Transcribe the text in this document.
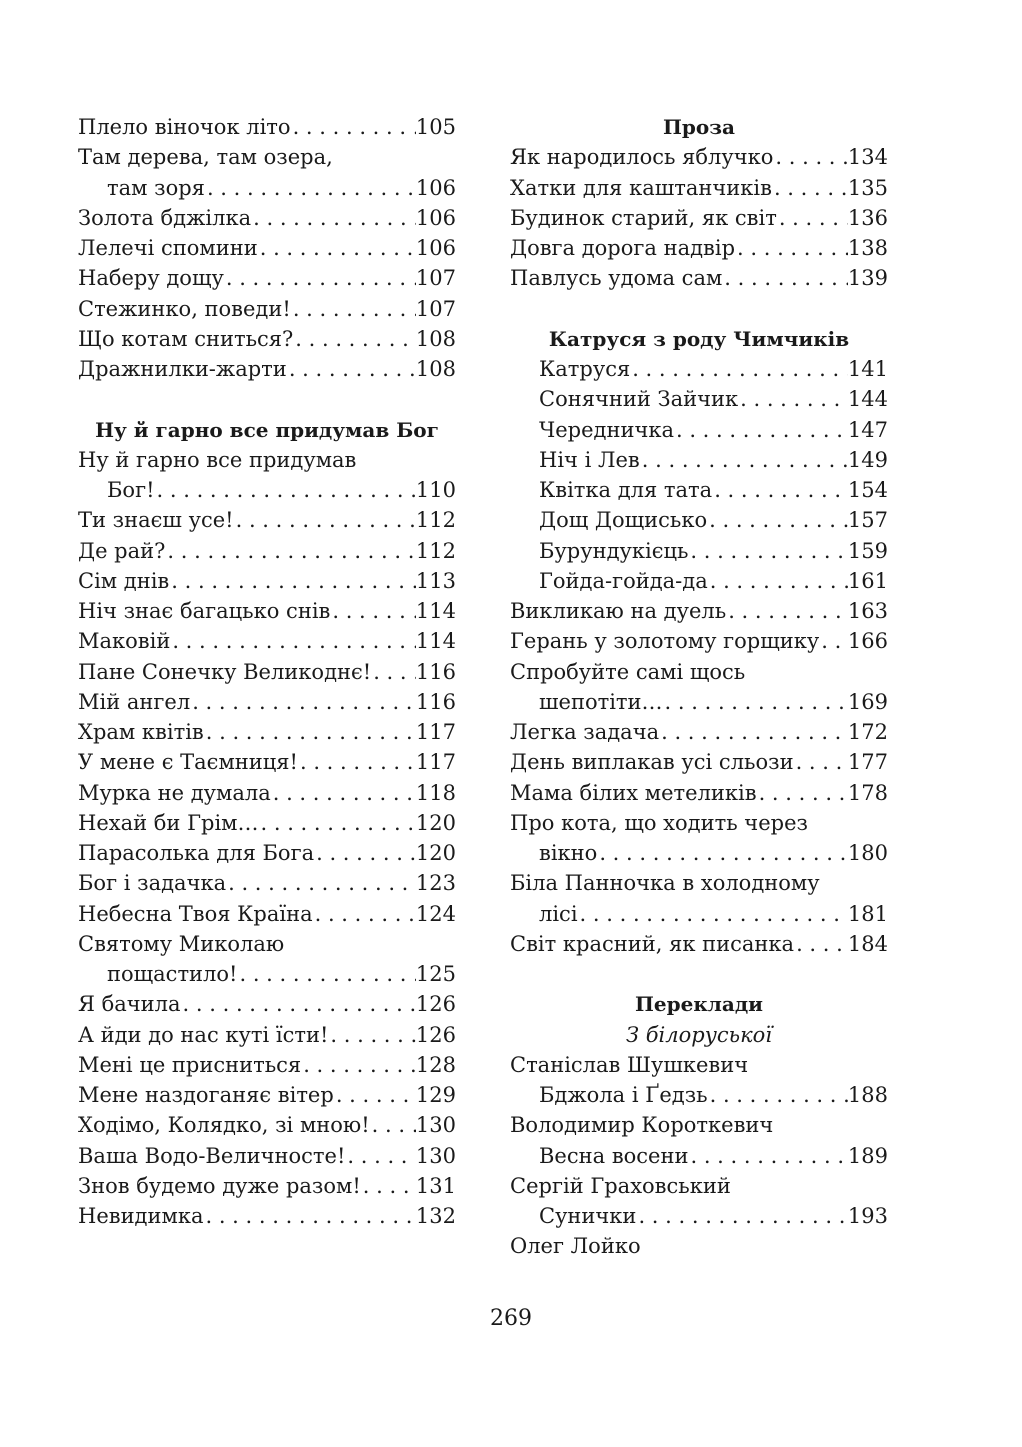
Плело віночок літо . . .	105
Там дерева, там озера,
там зоря . . .	106
Золота бджілка . . .	106
Лелечі спомини . . .	106
Наберу дощу . . .	107
Стежинко, поведи! . . .	107
Що котам сниться? . . .	108
Дражнилки-жарти . . .	108
Ну й гарно все придумав Бог
Ну й гарно все придумав
Бог! . . .	110
Ти знаєш усе! . . .	112
Де рай? . . .	112
Сім днів . . .	113
Ніч знає багацько снів . . .	114
Маковій . . .	114
Пане Сонечку Великоднє! . . . 116
Мій ангел . . .	116
Храм квітів . . .	117
У мене є Таємниця! . . .	117
Мурка не думала . . .	118
Нехай би Грім… . . .	120
Парасолька для Бога . . .	120
Бог і задачка . . .	123
Небесна Твоя Країна . . .	124
Святому Миколаю
пощастило! . . .	125
Я бачила . . .	126
А йди до нас куті їсти! . . .	126
Мені це присниться . . .	128
Мене наздоганяє вітер . . .	129
Ходімо, Колядко, зі мною! . . . 130
Ваша Водо-Величносте! . . .	130
Знов будемо дуже разом! . . .	131
Невидимка . . .	132
Проза
Як народилось яблучко . . .	134
Хатки для каштанчиків . . .	135
Будинок старий, як світ . . .	136
Довга дорога надвір . . .	138
Павлусь удома сам . . .	139
Катруся з роду Чимчиків
Катруся . . .	141
Сонячний Зайчик . . .	144
Чередничка . . .	147
Ніч і Лев . . .	149
Квітка для тата . . .	154
Дощ Дощисько . . .	157
Бурундукієць . . .	159
Гойда-гойда-да . . .	161
Викликаю на дуель . . .	163
Герань у золотому горщику . . . 166
Спробуйте самі щось
шепотіти… . . .	169
Легка задача . . .	172
День виплакав усі сльози . . .	177
Мама білих метеликів . . .	178
Про кота, що ходить через
вікно . . .	180
Біла Панночка в холодному
лісі . . .	181
Світ красний, як писанка . . .	184
Переклади
З білоруської
Станіслав Шушкевич
Бджола і Ґедзь . . .	188
Володимир Короткевич
Весна восени . . .	189
Сергій Граховський
Сунички . . .	193
Олег Лойко
269
